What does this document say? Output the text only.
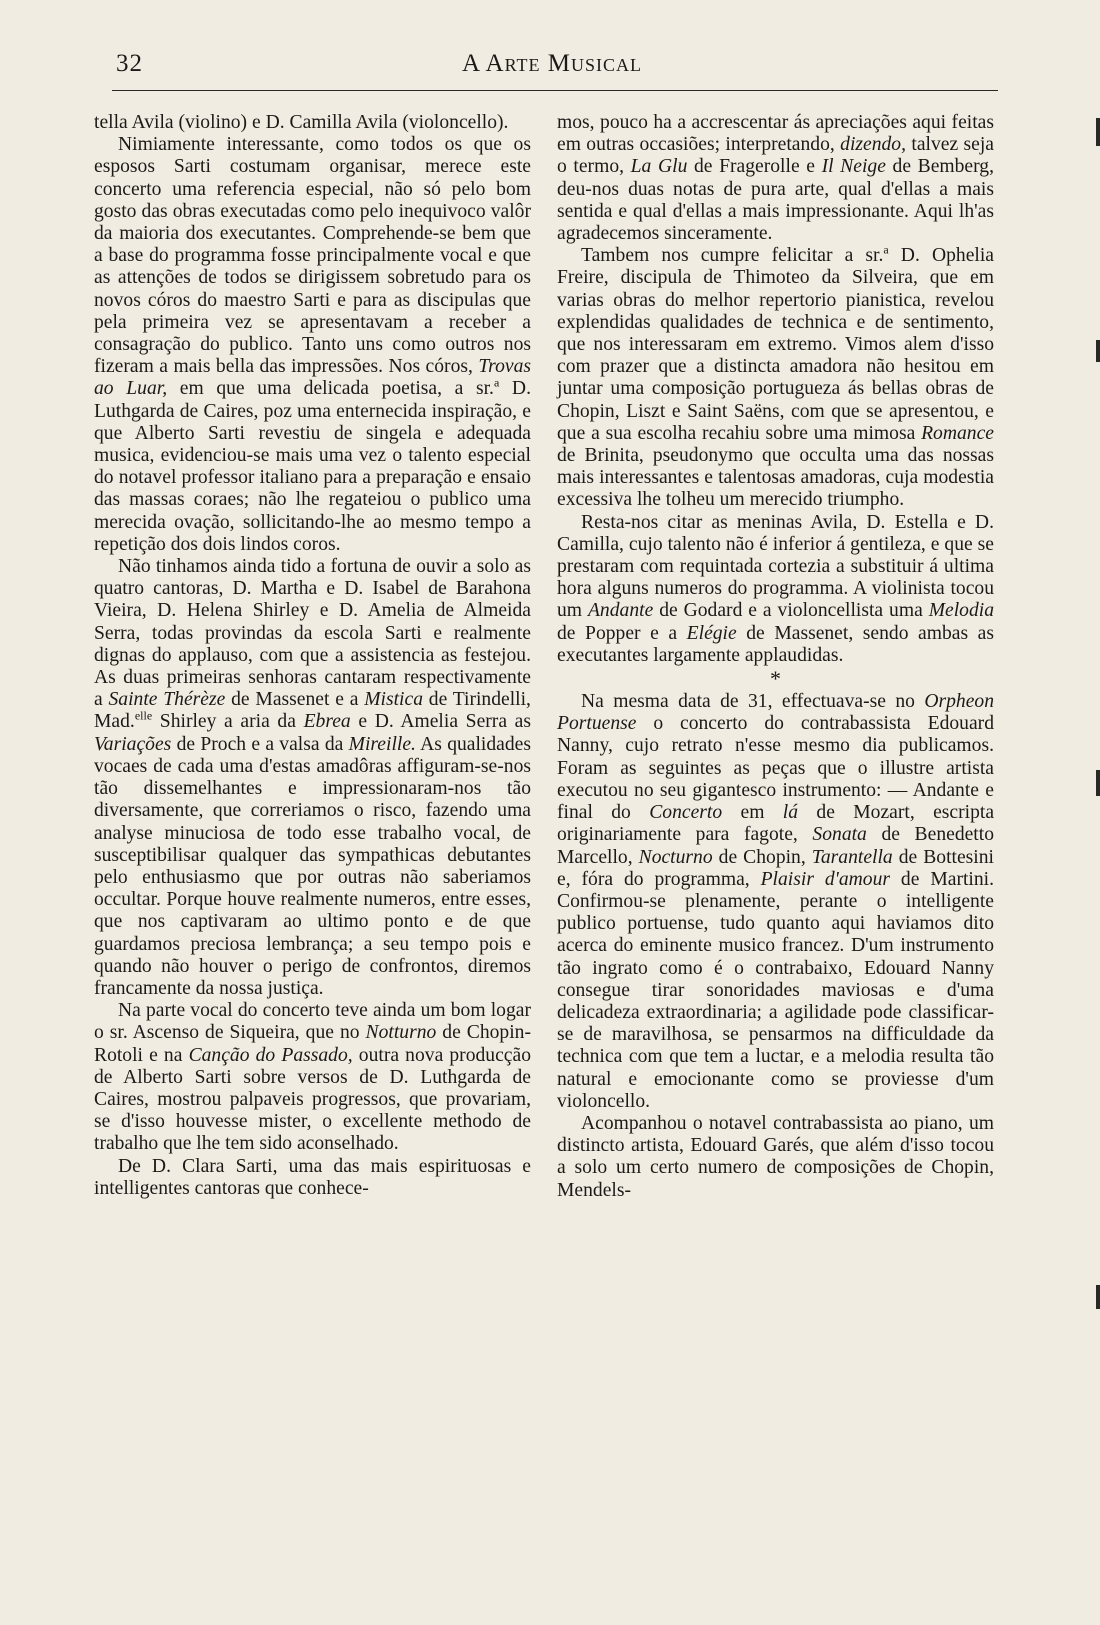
32	A Arte Musical

tella Avila (violino) e D. Camilla Avila (violoncello).

Nimiamente interessante, como todos os que os esposos Sarti costumam organisar, merece este concerto uma referencia especial, não só pelo bom gosto das obras executadas como pelo inequivoco valôr da maioria dos executantes. Comprehende-se bem que a base do programma fosse principalmente vocal e que as attenções de todos se dirigissem sobretudo para os novos córos do maestro Sarti e para as discipulas que pela primeira vez se apresentavam a receber a consagração do publico. Tanto uns como outros nos fizeram a mais bella das impressões. Nos córos, Trovas ao Luar, em que uma delicada poetisa, a sr.$^a$ D. Luthgarda de Caires, poz uma enternecida inspiração, e que Alberto Sarti revestiu de singela e adequada musica, evidenciou-se mais uma vez o talento especial do notavel professor italiano para a preparação e ensaio das massas coraes; não lhe regateiou o publico uma merecida ovação, sollicitando-lhe ao mesmo tempo a repetição dos dois lindos coros.

Não tinhamos ainda tido a fortuna de ouvir a solo as quatro cantoras, D. Martha e D. Isabel de Barahona Vieira, D. Helena Shirley e D. Amelia de Almeida Serra, todas provindas da escola Sarti e realmente dignas do applauso, com que a assistencia as festejou. As duas primeiras senhoras cantaram respectivamente a Sainte Thérèze de Massenet e a Mistica de Tirindelli, Mad.$^{elle}$ Shirley a aria da Ebrea e D. Amelia Serra as Variações de Proch e a valsa da Mireille. As qualidades vocaes de cada uma d'estas amadôras affiguram-se-nos tão dissemelhantes e impressionaram-nos tão diversamente, que correriamos o risco, fazendo uma analyse minuciosa de todo esse trabalho vocal, de susceptibilisar qualquer das sympathicas debutantes pelo enthusiasmo que por outras não saberiamos occultar. Porque houve realmente numeros, entre esses, que nos captivaram ao ultimo ponto e de que guardamos preciosa lembrança; a seu tempo pois e quando não houver o perigo de confrontos, diremos francamente da nossa justiça.

Na parte vocal do concerto teve ainda um bom logar o sr. Ascenso de Siqueira, que no Notturno de Chopin-Rotoli e na Canção do Passado, outra nova producção de Alberto Sarti sobre versos de D. Luthgarda de Caires, mostrou palpaveis progressos, que provariam, se d'isso houvesse mister, o excellente methodo de trabalho que lhe tem sido aconselhado.

De D. Clara Sarti, uma das mais espirituosas e intelligentes cantoras que conhece-

mos, pouco ha a accrescentar ás apreciações aqui feitas em outras occasiões; interpretando, dizendo, talvez seja o termo, La Glu de Fragerolle e Il Neige de Bemberg, deu-nos duas notas de pura arte, qual d'ellas a mais sentida e qual d'ellas a mais impressionante. Aqui lh'as agradecemos sinceramente.

Tambem nos cumpre felicitar a sr.$^a$ D. Ophelia Freire, discipula de Thimoteo da Silveira, que em varias obras do melhor repertorio pianistica, revelou explendidas qualidades de technica e de sentimento, que nos interessaram em extremo. Vimos alem d'isso com prazer que a distincta amadora não hesitou em juntar uma composição portugueza ás bellas obras de Chopin, Liszt e Saint Saëns, com que se apresentou, e que a sua escolha recahiu sobre uma mimosa Romance de Brinita, pseudonymo que occulta uma das nossas mais interessantes e talentosas amadoras, cuja modestia excessiva lhe tolheu um merecido triumpho.

Resta-nos citar as meninas Avila, D. Estella e D. Camilla, cujo talento não é inferior á gentileza, e que se prestaram com requintada cortezia a substituir á ultima hora alguns numeros do programma. A violinista tocou um Andante de Godard e a violoncellista uma Melodia de Popper e a Elégie de Massenet, sendo ambas as executantes largamente applaudidas.

*

Na mesma data de 31, effectuava-se no Orpheon Portuense o concerto do contrabassista Edouard Nanny, cujo retrato n'esse mesmo dia publicamos. Foram as seguintes as peças que o illustre artista executou no seu gigantesco instrumento: — Andante e final do Concerto em lá de Mozart, escripta originariamente para fagote, Sonata de Benedetto Marcello, Nocturno de Chopin, Tarantella de Bottesini e, fóra do programma, Plaisir d'amour de Martini. Confirmou-se plenamente, perante o intelligente publico portuense, tudo quanto aqui haviamos dito acerca do eminente musico francez. D'um instrumento tão ingrato como é o contrabaixo, Edouard Nanny consegue tirar sonoridades maviosas e d'uma delicadeza extraordinaria; a agilidade pode classificar-se de maravilhosa, se pensarmos na difficuldade da technica com que tem a luctar, e a melodia resulta tão natural e emocionante como se proviesse d'um violoncello.

Acompanhou o notavel contrabassista ao piano, um distincto artista, Edouard Garés, que além d'isso tocou a solo um certo numero de composições de Chopin, Mendels-
